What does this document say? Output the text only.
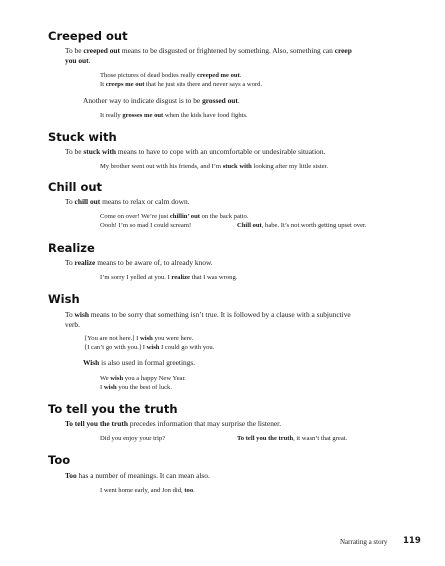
Creeped out
To be creeped out means to be disgusted or frightened by something. Also, something can creep
you out.
Those pictures of dead bodies really creeped me out.
It creeps me out that he just sits there and never says a word.
Another way to indicate disgust is to be grossed out.
It really grosses me out when the kids have food fights.
Stuck with
To be stuck with means to have to cope with an uncomfortable or undesirable situation.
My brother went out with his friends, and I’m stuck with looking after my little sister.
Chill out
To chill out means to relax or calm down.
Come on over! We’re just chillin’ out on the back patio.
Oooh! I’m so mad I could scream!	Chill out, babe. It’s not worth getting upset over.
Realize
To realize means to be aware of, to already know.
I’m sorry I yelled at you. I realize that I was wrong.
Wish
To wish means to be sorry that something isn’t true. It is followed by a clause with a subjunctive
verb.
[You are not here.] I wish you were here.
[I can’t go with you.] I wish I could go with you.
Wish is also used in formal greetings.
We wish you a happy New Year.
I wish you the best of luck.
To tell you the truth
To tell you the truth precedes information that may surprise the listener.
Did you enjoy your trip?	To tell you the truth, it wasn’t that great.
Too
Too has a number of meanings. It can mean also.
I went home early, and Jon did, too.
Narrating a story 119
